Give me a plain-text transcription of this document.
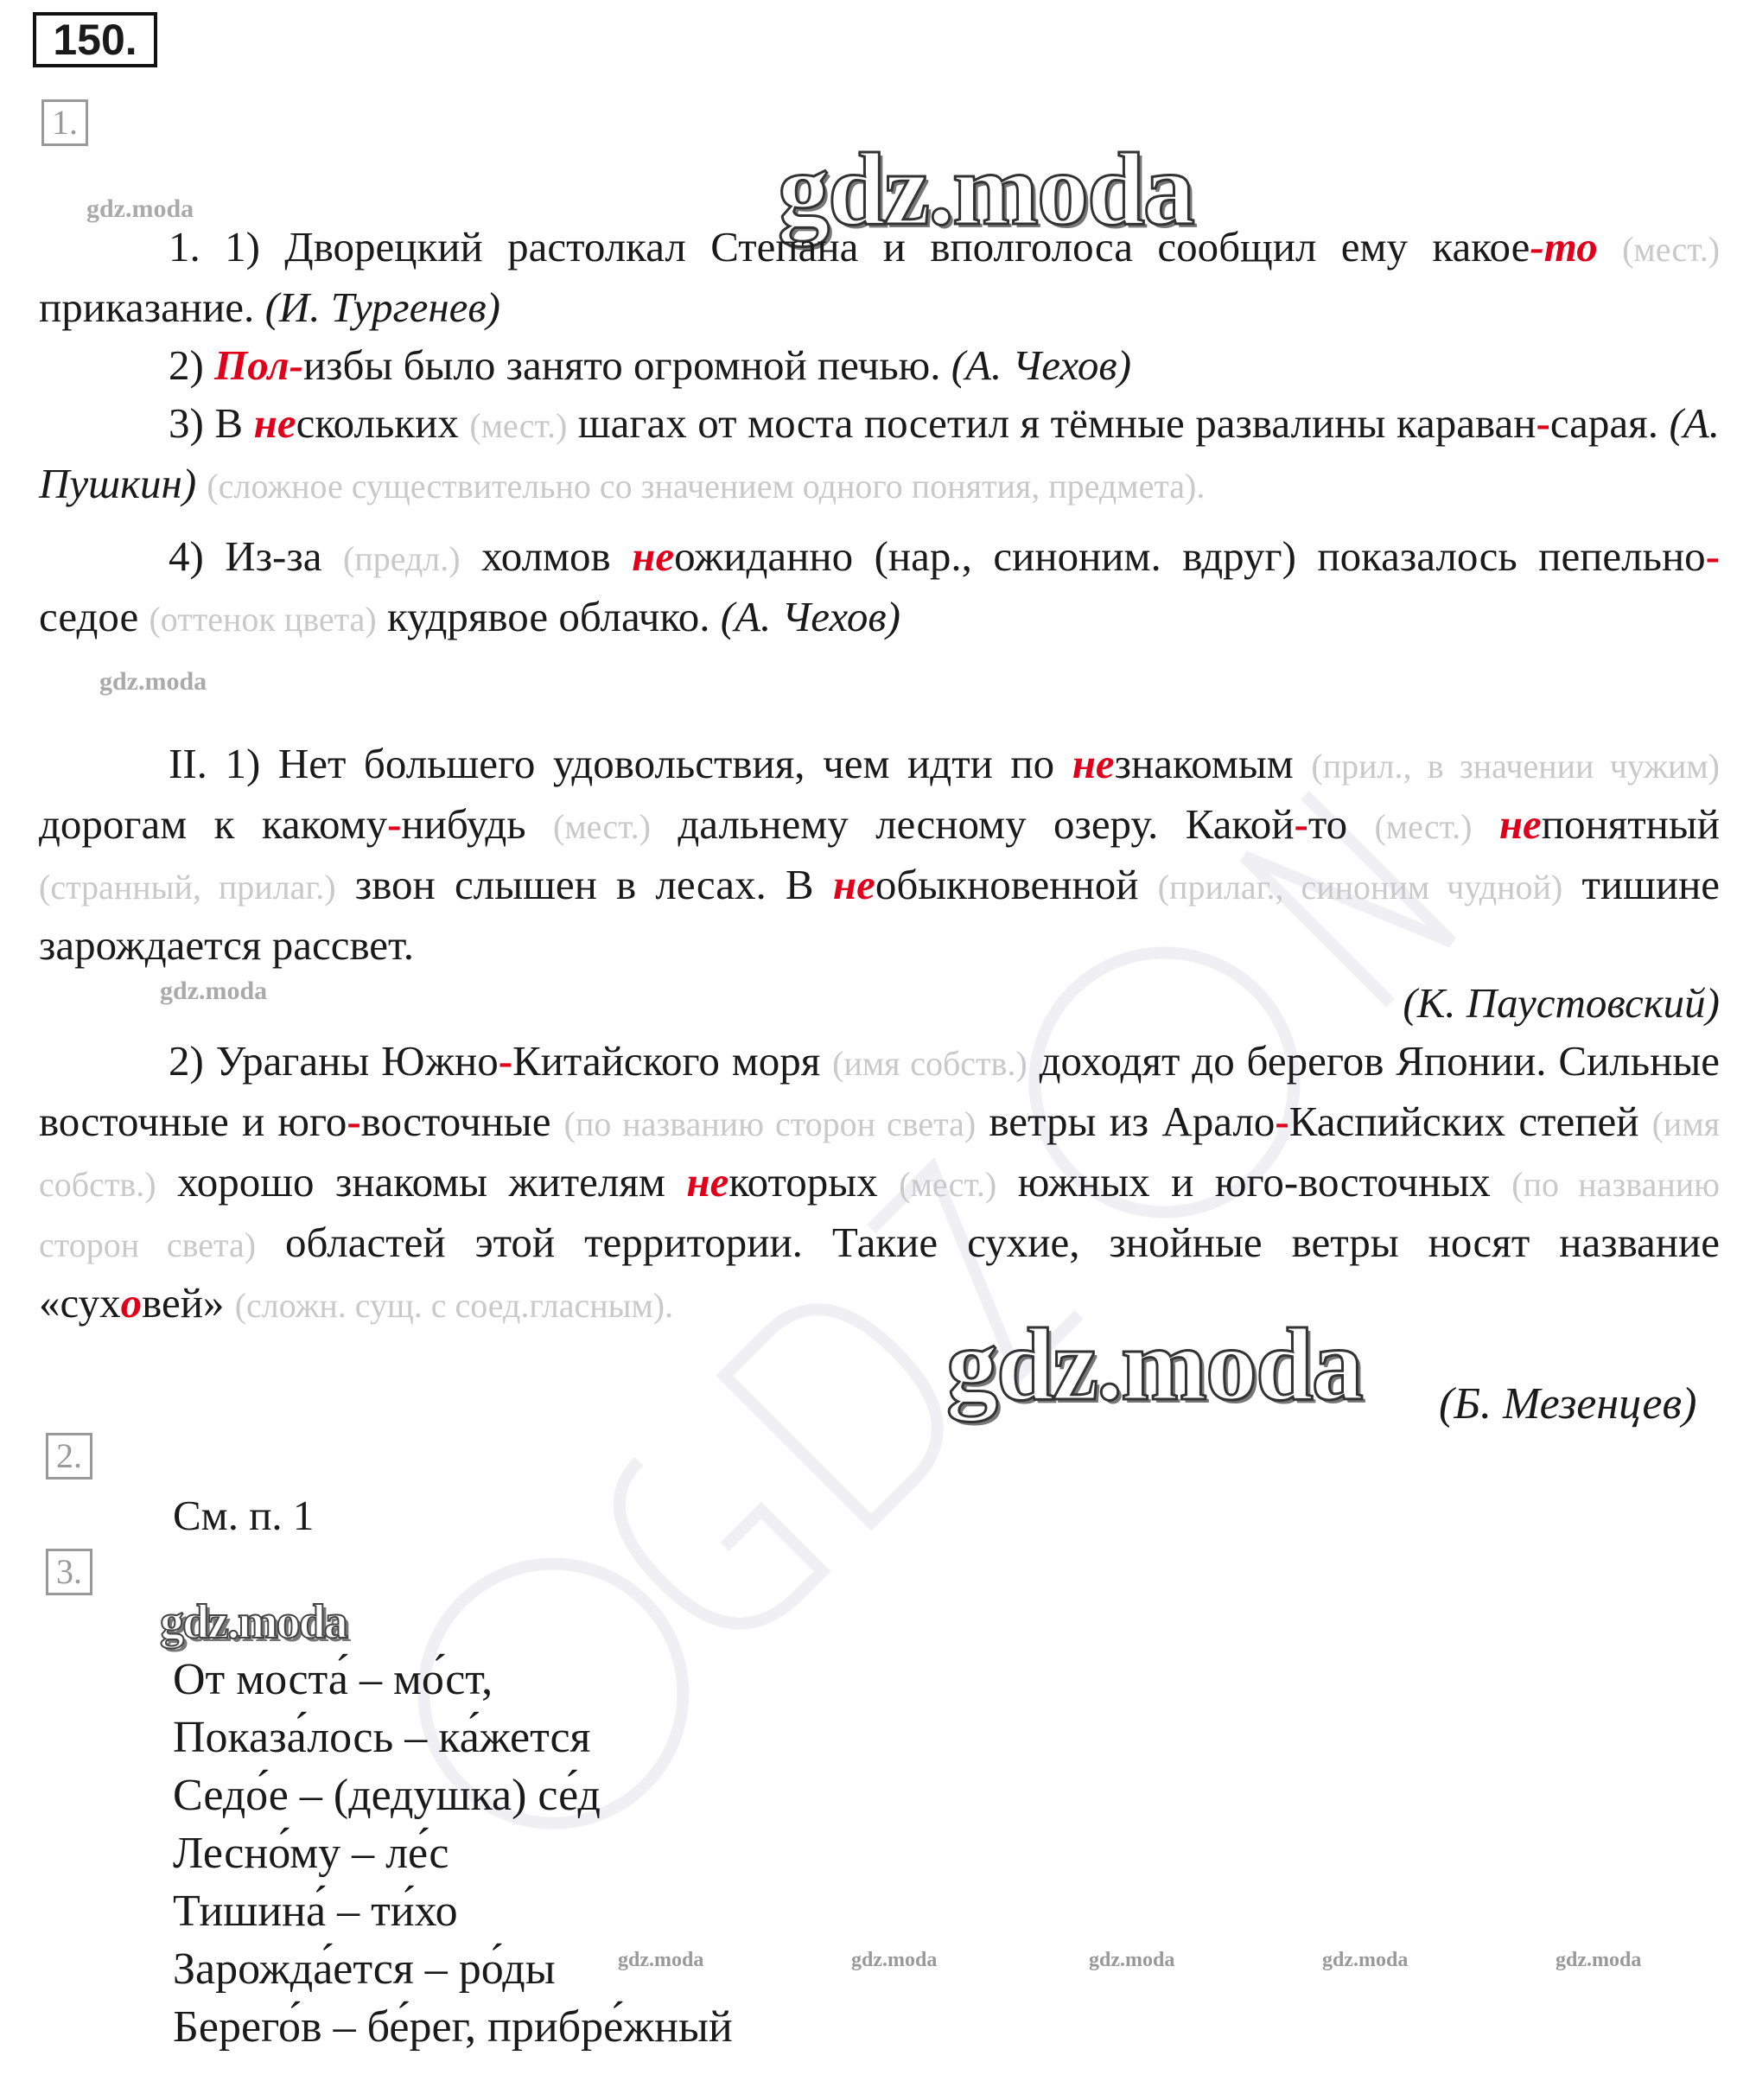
150.
1.
gdz.moda
gdz.moda

1. 1) Дворецкий растолкал Степана и вполголоса сообщил ему какое-то (мест.) приказание. (И. Тургенев)

2) Пол-избы было занято огромной печью. (А. Чехов)

3) В нескольких (мест.) шагах от моста посетил я тёмные развалины караван-сарая. (А. Пушкин) (сложное существительно со значением одного понятия, предмета).

4) Из-за (предл.) холмов неожиданно (нар., синоним. вдруг) показалось пепельно-седое (оттенок цвета) кудрявое облачко. (А. Чехов)

gdz.moda

II. 1) Нет большего удовольствия, чем идти по незнакомым (прил., в значении чужим) дорогам к какому-нибудь (мест.) дальнему лесному озеру. Какой-то (мест.) непонятный (странный, прилаг.) звон слышен в лесах. В необыкновенной (прилаг., синоним чудной) тишине зарождается рассвет.

(К. Паустовский)

2) Ураганы Южно-Китайского моря (имя собств.) доходят до берегов Японии. Сильные восточные и юго-восточные (по названию сторон света) ветры из Арало-Каспийских степей (имя собств.) хорошо знакомы жителям некоторых (мест.) южных и юго-восточных (по названию сторон света) областей этой территории. Такие сухие, знойные ветры носят название «суховей» (сложн. сущ. с соед.гласным).

gdz.moda
gdz.moda (Б. Мезенцев)
2.
См. п. 1
3.
gdz.moda
От моста́ – мо́ст,
Показа́лось – ка́жется
Седо́е – (дедушка) се́д
Лесно́му – ле́с
Тишина́ – ти́хо
Зарожда́ется – ро́ды
Берего́в – бе́рег, прибре́жный
gdz.moda	gdz.moda	gdz.moda	gdz.moda	gdz.moda
